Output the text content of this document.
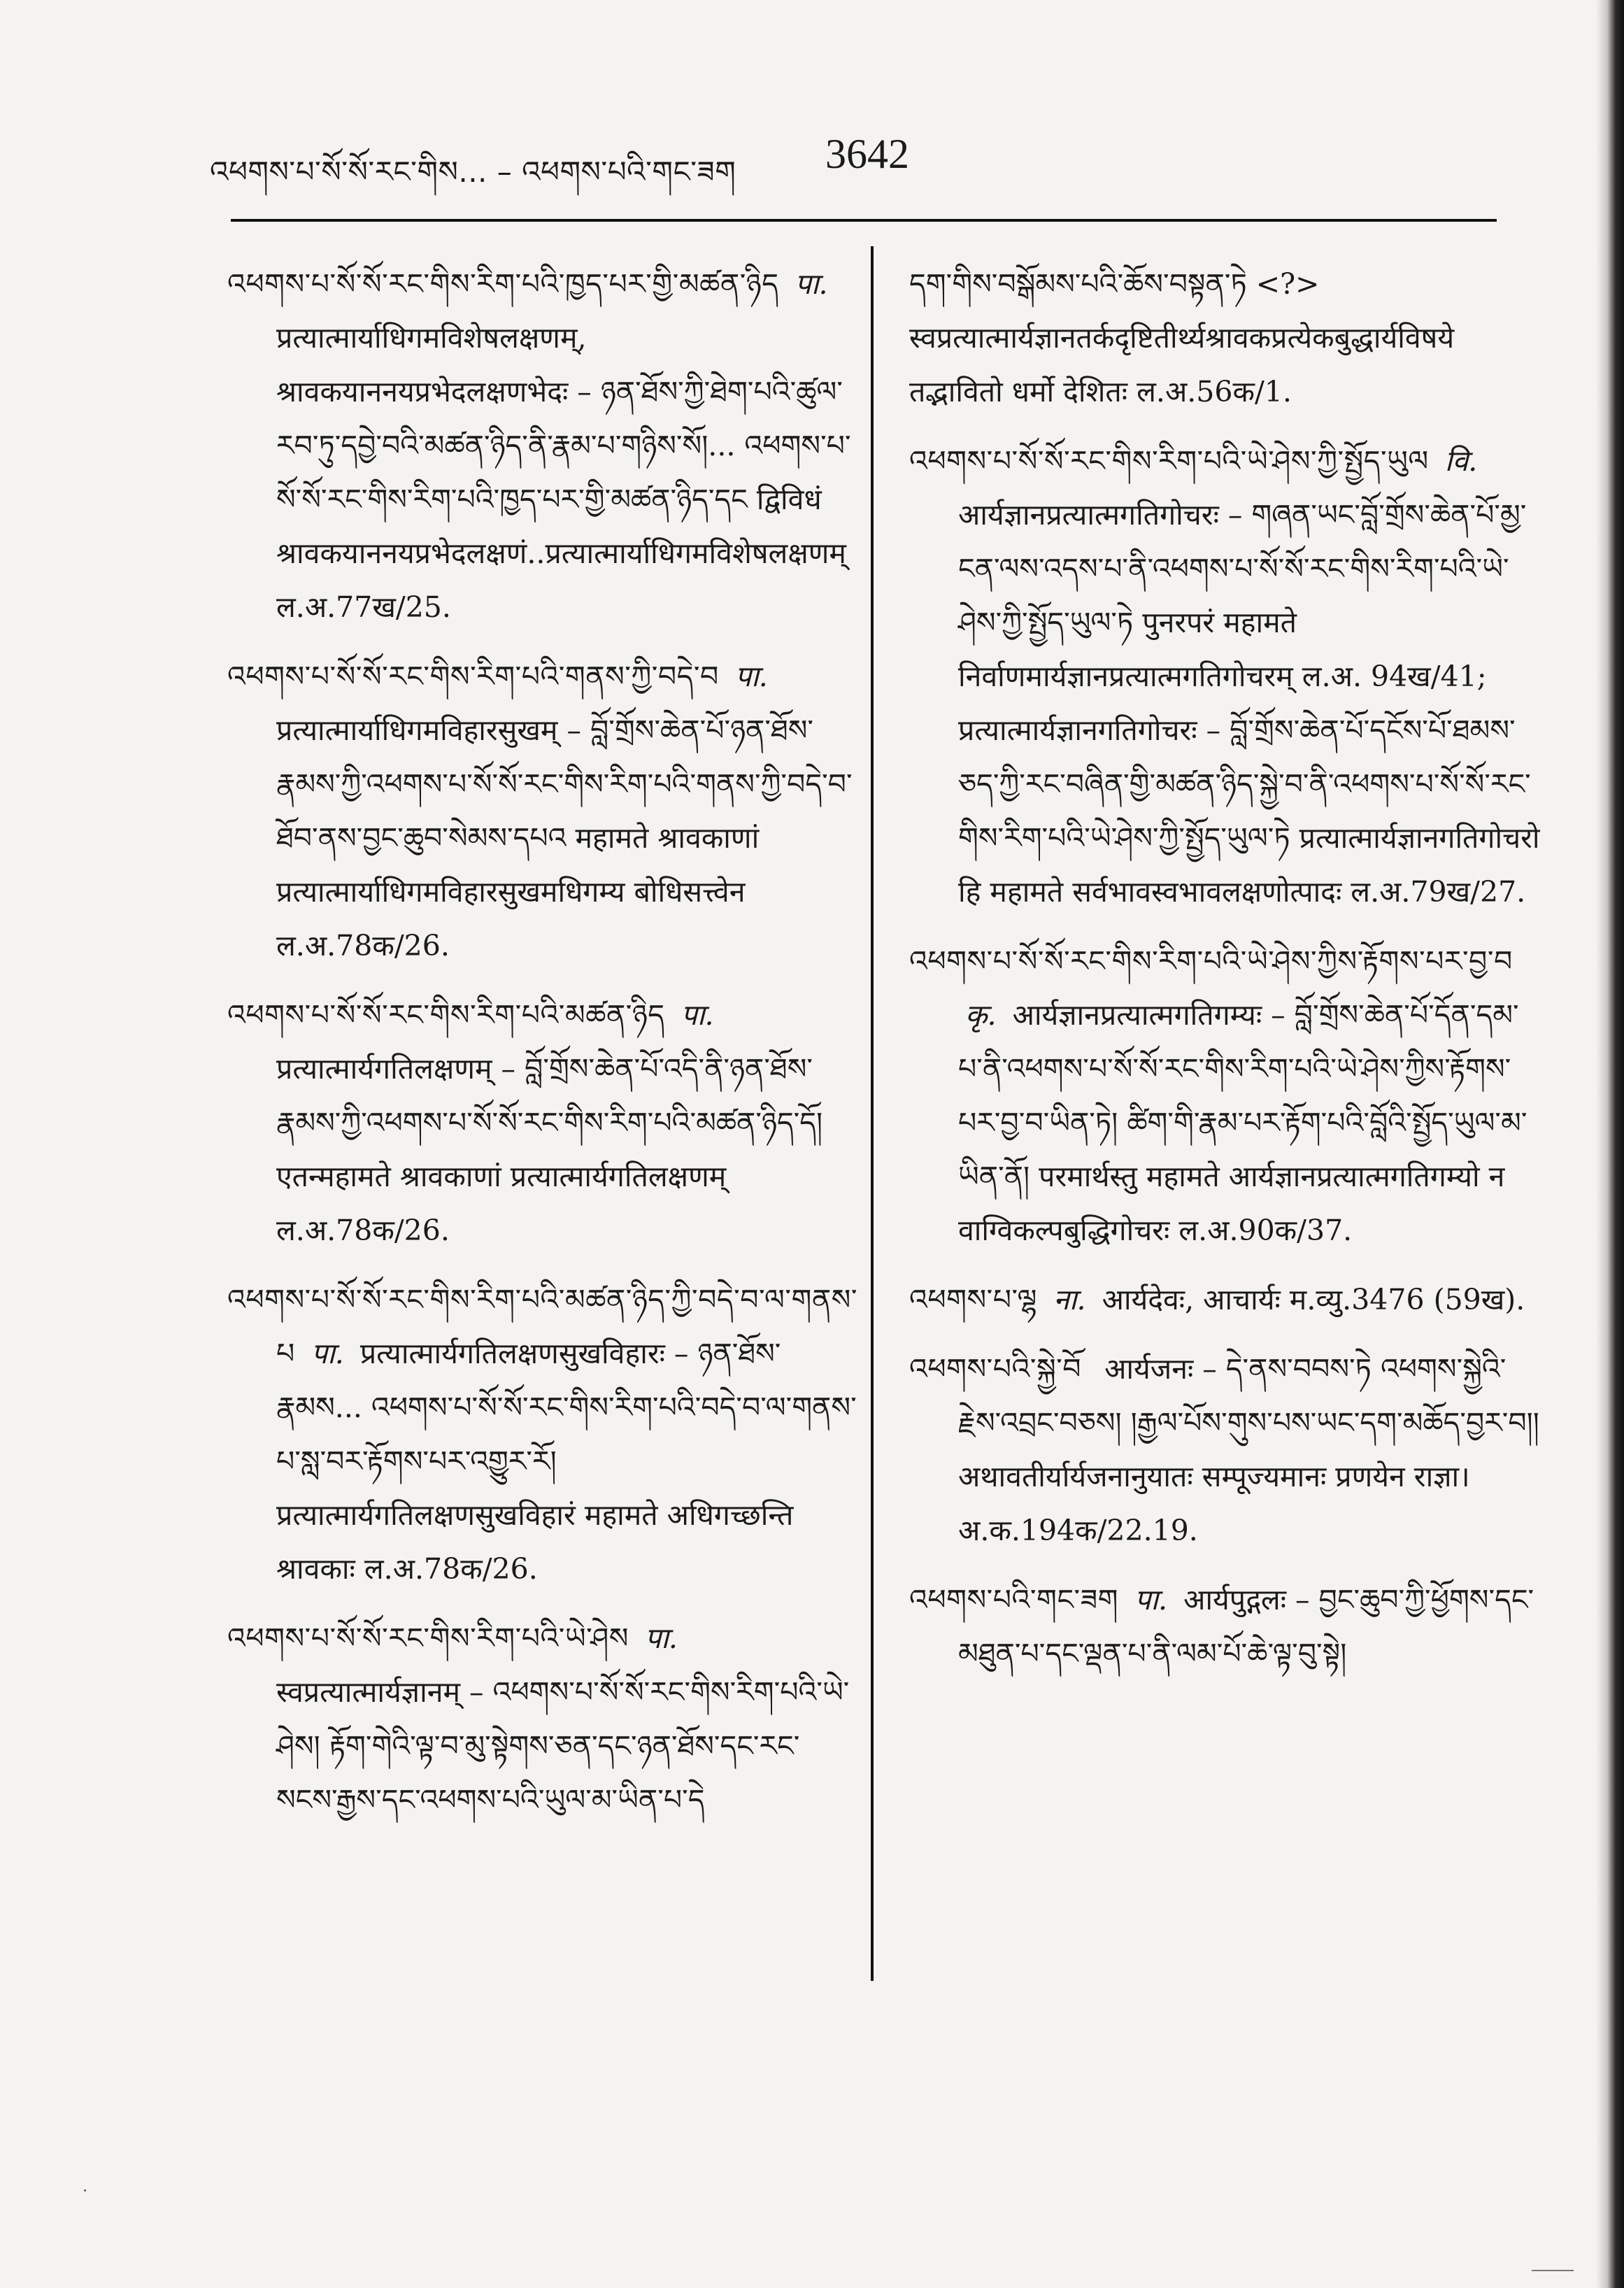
འཕགས་པ་སོ་སོ་རང་གིས... – འཕགས་པའི་གང་ཟག 3642
འཕགས་པ་སོ་སོ་རང་གིས་རིག་པའི་ཁྱད་པར་གྱི་མཚན་ཉིད पा. प्रत्यात्मार्याधिगमविशेषलक्षणम्, श्रावकयाननयप्रभेदलक्षणभेदः – ཉན་ཐོས་ཀྱི་ཐེག་པའི་ཚུལ་རབ་ཏུ་དབྱེ་བའི་མཚན་ཉིད་ནི་རྣམ་པ་གཉིས་སོ།... འཕགས་པ་སོ་སོ་རང་གིས་རིག་པའི་ཁྱད་པར་གྱི་མཚན་ཉིད་དང द्विविधं श्रावकयाननयप्रभेदलक्षणं..प्रत्यात्मार्याधिगमविशेषलक्षणम् ल.अ.77ख/25.
འཕགས་པ་སོ་སོ་རང་གིས་རིག་པའི་གནས་ཀྱི་བདེ་བ पा. प्रत्यात्मार्याधिगमविहारसुखम् – བློ་གྲོས་ཆེན་པོ་ཉན་ཐོས་རྣམས་ཀྱི་འཕགས་པ་སོ་སོ་རང་གིས་རིག་པའི་གནས་ཀྱི་བདེ་བ་ཐོབ་ནས་བྱང་ཆུབ་སེམས་དཔའ महामते श्रावकाणां प्रत्यात्मार्याधिगमविहारसुखमधिगम्य बोधिसत्त्वेन ल.अ.78क/26.
འཕགས་པ་སོ་སོ་རང་གིས་རིག་པའི་མཚན་ཉིད पा. प्रत्यात्मार्यगतिलक्षणम् – བློ་གྲོས་ཆེན་པོ་འདི་ནི་ཉན་ཐོས་རྣམས་ཀྱི་འཕགས་པ་སོ་སོ་རང་གིས་རིག་པའི་མཚན་ཉིད་དོ། एतन्महामते श्रावकाणां प्रत्यात्मार्यगतिलक्षणम् ल.अ.78क/26.
འཕགས་པ་སོ་སོ་རང་གིས་རིག་པའི་མཚན་ཉིད་ཀྱི་བདེ་བ་ལ་གནས་པ पा. प्रत्यात्मार्यगतिलक्षणसुखविहारः – ཉན་ཐོས་རྣམས... འཕགས་པ་སོ་སོ་རང་གིས་རིག་པའི་བདེ་བ་ལ་གནས་པ་སླ་བར་རྟོགས་པར་འགྱུར་རོ། प्रत्यात्मार्यगतिलक्षणसुखविहारं महामते अधिगच्छन्ति श्रावकाः ल.अ.78क/26.
འཕགས་པ་སོ་སོ་རང་གིས་རིག་པའི་ཡེ་ཤེས पा. स्वप्रत्यात्मार्यज्ञानम् – འཕགས་པ་སོ་སོ་རང་གིས་རིག་པའི་ཡེ་ཤེས། རྟོག་གེའི་ལྟ་བ་མུ་སྟེགས་ཅན་དང་ཉན་ཐོས་དང་རང་སངས་རྒྱས་དང་འཕགས་པའི་ཡུལ་མ་ཡིན་པ་དེ
དག་གིས་བསྒོམས་པའི་ཆོས་བསྟན་ཏེ <?> स्वप्रत्यात्मार्यज्ञानतर्कदृष्टितीर्थ्यश्रावकप्रत्येकबुद्धार्यविषये तद्भावितो धर्मो देशितः ल.अ.56क/1.
འཕགས་པ་སོ་སོ་རང་གིས་རིག་པའི་ཡེ་ཤེས་ཀྱི་སྤྱོད་ཡུལ वि. आर्यज्ञानप्रत्यात्मगतिगोचरः – གཞན་ཡང་བློ་གྲོས་ཆེན་པོ་མྱ་ངན་ལས་འདས་པ་ནི་འཕགས་པ་སོ་སོ་རང་གིས་རིག་པའི་ཡེ་ཤེས་ཀྱི་སྤྱོད་ཡུལ་ཏེ पुनरपरं महामते निर्वाणमार्यज्ञानप्रत्यात्मगतिगोचरम् ल.अ. 94ख/41; प्रत्यात्मार्यज्ञानगतिगोचरः – བློ་གྲོས་ཆེན་པོ་དངོས་པོ་ཐམས་ཅད་ཀྱི་རང་བཞིན་གྱི་མཚན་ཉིད་སྐྱེ་བ་ནི་འཕགས་པ་སོ་སོ་རང་གིས་རིག་པའི་ཡེ་ཤེས་ཀྱི་སྤྱོད་ཡུལ་ཏེ प्रत्यात्मार्यज्ञानगतिगोचरो हि महामते सर्वभावस्वभावलक्षणोत्पादः ल.अ.79ख/27.
འཕགས་པ་སོ་སོ་རང་གིས་རིག་པའི་ཡེ་ཤེས་ཀྱིས་རྟོགས་པར་བྱ་བ कृ. आर्यज्ञानप्रत्यात्मगतिगम्यः – བློ་གྲོས་ཆེན་པོ་དོན་དམ་པ་ནི་འཕགས་པ་སོ་སོ་རང་གིས་རིག་པའི་ཡེ་ཤེས་ཀྱིས་རྟོགས་པར་བྱ་བ་ཡིན་ཏེ། ཚིག་གི་རྣམ་པར་རྟོག་པའི་བློའི་སྤྱོད་ཡུལ་མ་ཡིན་ནོ། परमार्थस्तु महामते आर्यज्ञानप्रत्यात्मगतिगम्यो न वाग्विकल्पबुद्धिगोचरः ल.अ.90क/37.
འཕགས་པ་ལྷ ना. आर्यदेवः, आचार्यः म.व्यु.3476 (59ख).
འཕགས་པའི་སྐྱེ་བོ आर्यजनः – དེ་ནས་བབས་ཏེ འཕགས་སྐྱེའི་རྗེས་འབྲང་བཅས། །རྒྱལ་པོས་གུས་པས་ཡང་དག་མཆོད་བྱར་བ།། अथावतीर्यार्यजनानुयातः सम्पूज्यमानः प्रणयेन राज्ञा। अ.क.194क/22.19.
འཕགས་པའི་གང་ཟག पा. आर्यपुद्गलः – བྱང་ཆུབ་ཀྱི་ཕྱོགས་དང་མཐུན་པ་དང་ལྡན་པ་ནི་ལམ་པོ་ཆེ་ལྟ་བུ་སྟེ།
